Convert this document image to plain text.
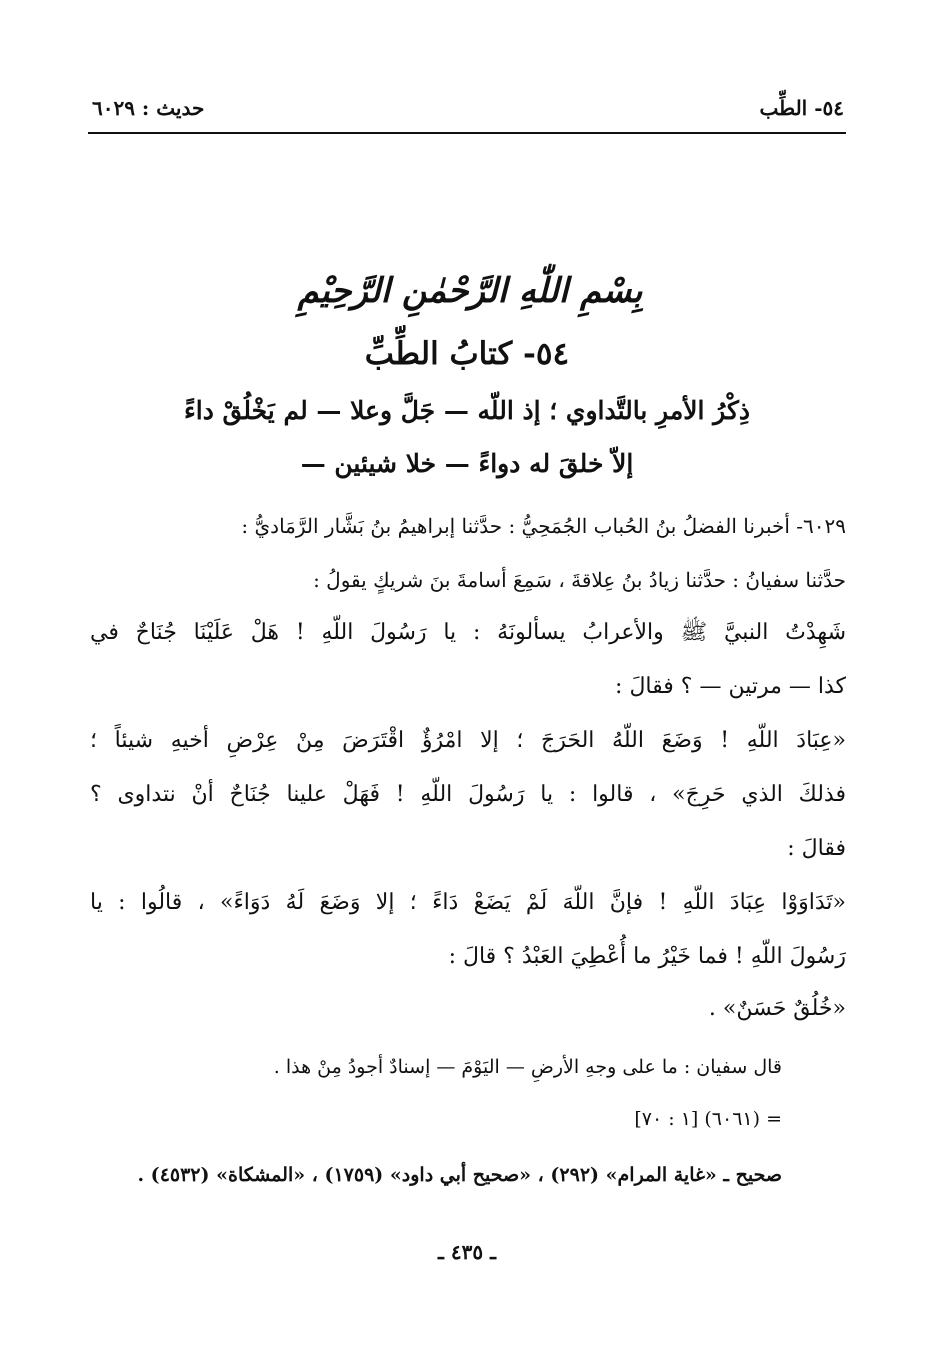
٥٤- الطِّب
حديث : ٦٠٢٩
بِسْمِ اللّٰهِ الرَّحْمٰنِ الرَّحِيْمِ
٥٤- كتابُ الطِّبِّ
ذِكْرُ الأمرِ بالتَّداوي ؛ إذ اللّه — جَلَّ وعلا — لم يَخْلُقْ داءً
إلاّ خلقَ له دواءً — خلا شيئين —
٦٠٢٩- أخبرنا الفضلُ بنُ الحُباب الجُمَحِيُّ : حدَّثنا إبراهيمُ بنُ بَشَّار الرَّمَاديُّ :
حدَّثنا سفيانُ : حدَّثنا زيادُ بنُ عِلاقةَ ، سَمِعَ أسامةَ بنَ شريكٍ يقولُ :
شَهِدْتُ النبيَّ ﷺ والأعرابُ يسألونَهُ : يا رَسُولَ اللّهِ ! هَلْ عَلَيْنَا جُنَاحٌ في
كذا — مرتين — ؟ فقالَ :
«عِبَادَ اللّهِ ! وَضَعَ اللّهُ الحَرَجَ ؛ إلا امْرُؤٌ اقْتَرَضَ مِنْ عِرْضِ أخيهِ شيئاً ؛
فذلكَ الذي حَرِجَ» ، قالوا : يا رَسُولَ اللّهِ ! فَهَلْ علينا جُنَاحٌ أنْ نتداوى ؟
فقالَ :
«تَدَاوَوْا عِبَادَ اللّهِ ! فإنَّ اللّهَ لَمْ يَضَعْ دَاءً ؛ إلا وَضَعَ لَهُ دَوَاءً» ، قالُوا : يا
رَسُولَ اللّهِ ! فما خَيْرُ ما أُعْطِيَ العَبْدُ ؟ قالَ :
«خُلُقٌ حَسَنٌ» .
قال سفيان : ما على وجهِ الأرضِ — اليَوْمَ — إسنادٌ أجودُ مِنْ هذا .
= (٦٠٦١) [١ : ٧٠]
صحيح ـ «غاية المرام» (٢٩٢) ، «صحيح أبي داود» (١٧٥٩) ، «المشكاة» (٤٥٣٢) .
ـ ٤٣٥ ـ
